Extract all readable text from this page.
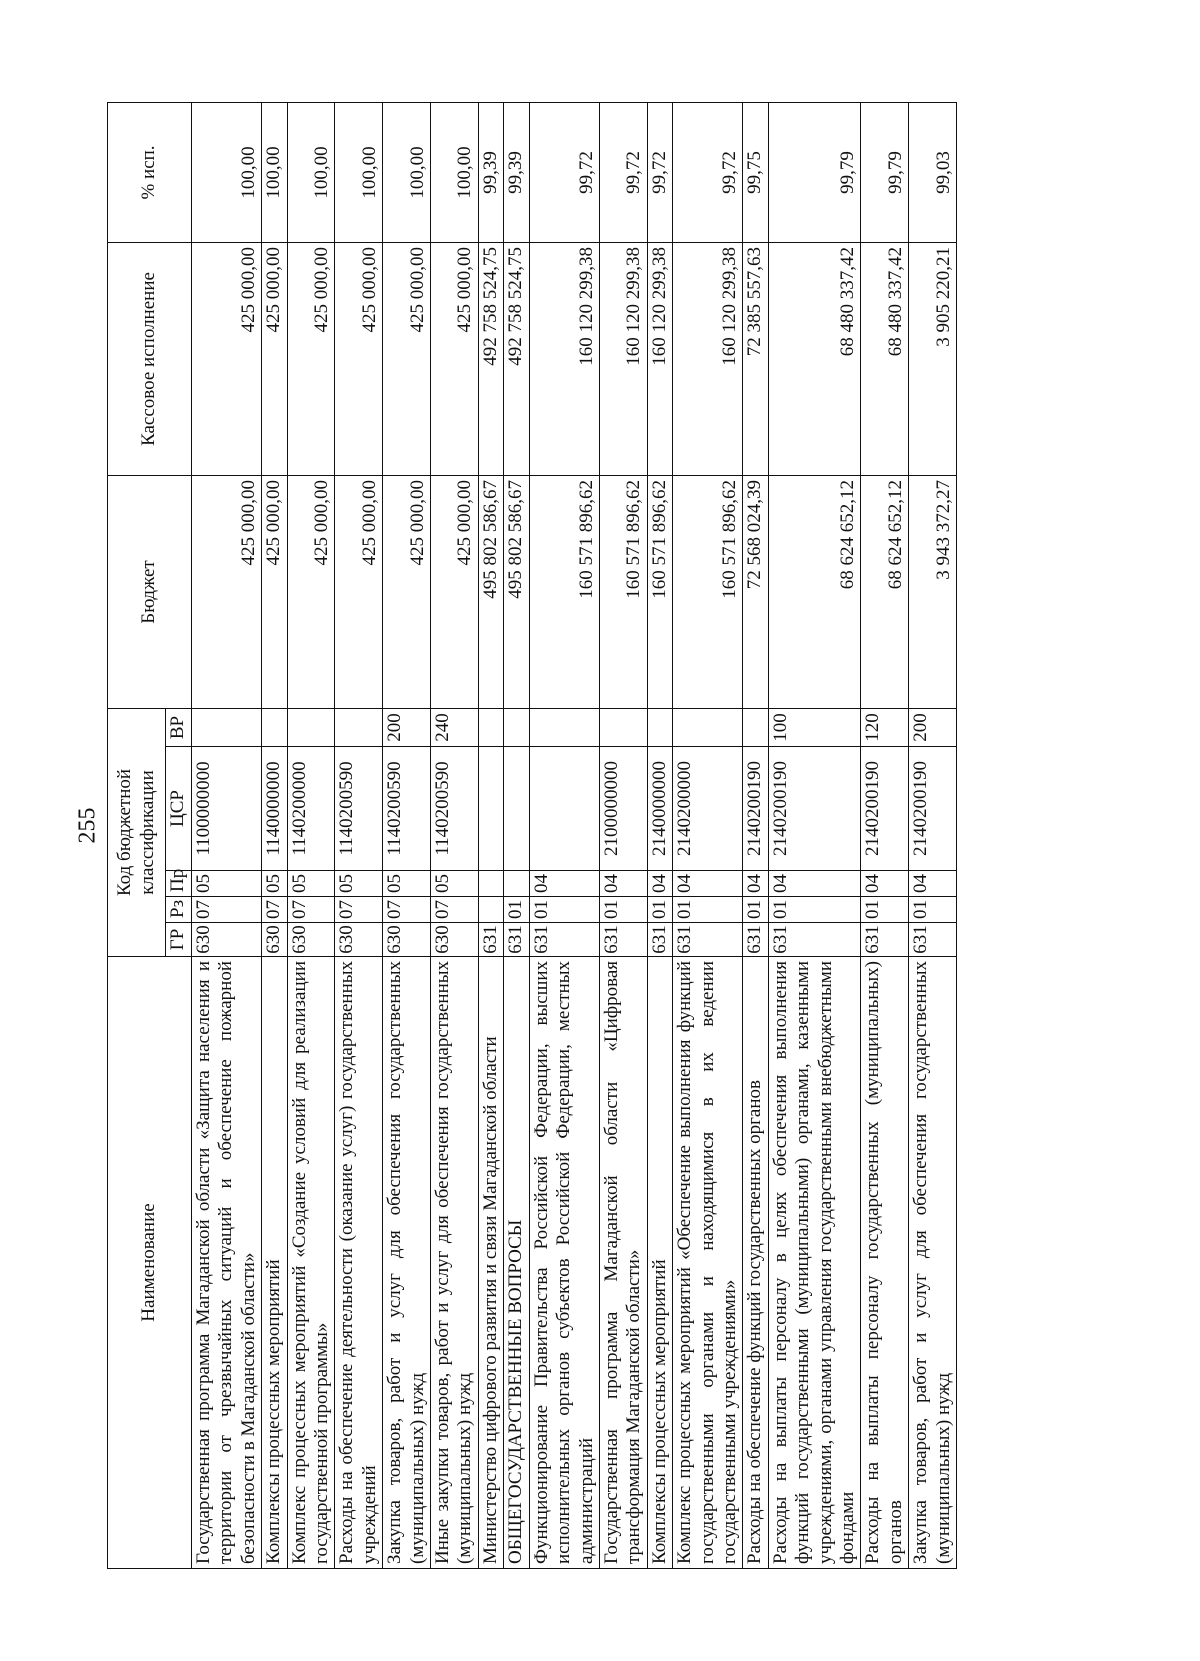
255
Наименование	Код бюджетной классификации					Бюджет	Кассовое исполнение	% исп.
	ГР	Рз	Пр	ЦСР	ВР			
Государственная программа Магаданской области «Защита населения и территории от чрезвычайных ситуаций и обеспечение пожарной безопасности в Магаданской области»	630	07	05	1100000000		425 000,00	425 000,00	100,00
Комплексы процессных мероприятий	630	07	05	1140000000		425 000,00	425 000,00	100,00
Комплекс процессных мероприятий «Создание условий для реализации государственной программы»	630	07	05	1140200000		425 000,00	425 000,00	100,00
Расходы на обеспечение деятельности (оказание услуг) государственных учреждений	630	07	05	1140200590		425 000,00	425 000,00	100,00
Закупка товаров, работ и услуг для обеспечения государственных (муниципальных) нужд	630	07	05	1140200590	200	425 000,00	425 000,00	100,00
Иные закупки товаров, работ и услуг для обеспечения государственных (муниципальных) нужд	630	07	05	1140200590	240	425 000,00	425 000,00	100,00
Министерство цифрового развития и связи Магаданской области	631					495 802 586,67	492 758 524,75	99,39
ОБЩЕГОСУДАРСТВЕННЫЕ ВОПРОСЫ	631	01				495 802 586,67	492 758 524,75	99,39
Функционирование Правительства Российской Федерации, высших исполнительных органов субъектов Российской Федерации, местных администраций	631	01	04			160 571 896,62	160 120 299,38	99,72
Государственная программа Магаданской области «Цифровая трансформация Магаданской области»	631	01	04	2100000000		160 571 896,62	160 120 299,38	99,72
Комплексы процессных мероприятий	631	01	04	2140000000		160 571 896,62	160 120 299,38	99,72
Комплекс процессных мероприятий «Обеспечение выполнения функций государственными органами и находящимися в их ведении государственными учреждениями»	631	01	04	2140200000		160 571 896,62	160 120 299,38	99,72
Расходы на обеспечение функций государственных органов	631	01	04	2140200190		72 568 024,39	72 385 557,63	99,75
Расходы на выплаты персоналу в целях обеспечения выполнения функций государственными (муниципальными) органами, казенными учреждениями, органами управления государственными внебюджетными фондами	631	01	04	2140200190	100	68 624 652,12	68 480 337,42	99,79
Расходы на выплаты персоналу государственных (муниципальных) органов	631	01	04	2140200190	120	68 624 652,12	68 480 337,42	99,79
Закупка товаров, работ и услуг для обеспечения государственных (муниципальных) нужд	631	01	04	2140200190	200	3 943 372,27	3 905 220,21	99,03
